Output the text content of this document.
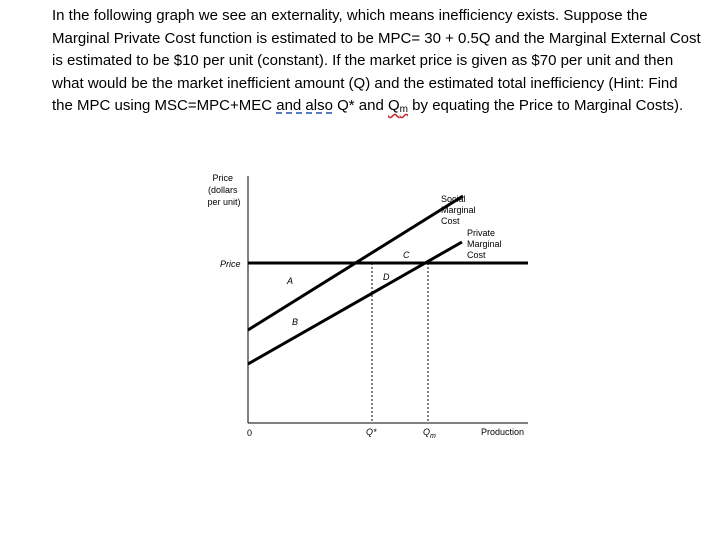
In the following graph we see an externality, which means inefficiency exists. Suppose the Marginal Private Cost function is estimated to be MPC= 30 + 0.5Q and the Marginal External Cost is estimated to be $10 per unit (constant). If the market price is given as $70 per unit and then what would be the market inefficient amount (Q) and the estimated total inefficiency (Hint: Find the MPC using MSC=MPC+MEC and also Q* and $Q_m$ by equating the Price to Marginal Costs).

Price (dollars per unit)
Price
0	Production
Q*	$Q_m$
Social Marginal Cost
Private Marginal Cost
A
B
C
D
